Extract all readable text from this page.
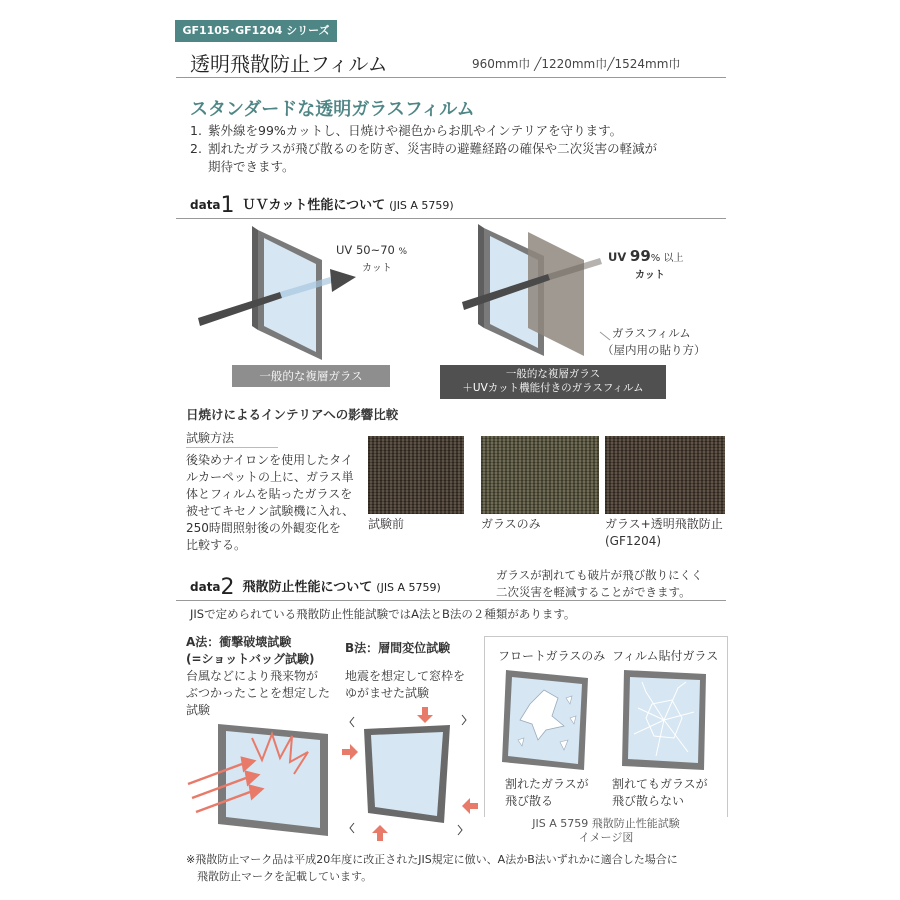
GF1105･GF1204 シリーズ
透明飛散防止フィルム	960mm巾 ╱1220mm巾╱1524mm巾
スタンダードな透明ガラスフィルム
1. 紫外線を99%カットし、日焼けや褪色からお肌やインテリアを守ります。
2. 割れたガラスが飛び散るのを防ぎ、災害時の避難経路の確保や二次災害の軽減が
期待できます。
data1 ＵＶカット性能について (JIS A 5759)
UV 50~70 %
カット
一般的な複層ガラス
UV 99% 以上
カット
ガラスフィルム
（屋内用の貼り方）
一般的な複層ガラス
＋UVカット機能付きのガラスフィルム
日焼けによるインテリアへの影響比較
試験方法
後染めナイロンを使用したタイ
ルカーペットの上に、ガラス単
体とフィルムを貼ったガラスを
被せてキセノン試験機に入れ、
250時間照射後の外観変化を
比較する。
試験前	ガラスのみ	ガラス+透明飛散防止
(GF1204)
data2 飛散防止性能について (JIS A 5759)
ガラスが割れても破片が飛び散りにくく
二次災害を軽減することができます。
JISで定められている飛散防止性能試験ではA法とB法の２種類があります。
A法：衝撃破壊試験
(=ショットバッグ試験)
台風などにより飛来物が
ぶつかったことを想定した
試験
B法：層間変位試験
地震を想定して窓枠を
ゆがませた試験
フロートガラスのみ フィルム貼付ガラス
割れたガラスが
飛び散る
割れてもガラスが
飛び散らない
JIS A 5759 飛散防止性能試験
イメージ図
※飛散防止マーク品は平成20年度に改正されたJIS規定に倣い、A法かB法いずれかに適合した場合に
飛散防止マークを記載しています。
